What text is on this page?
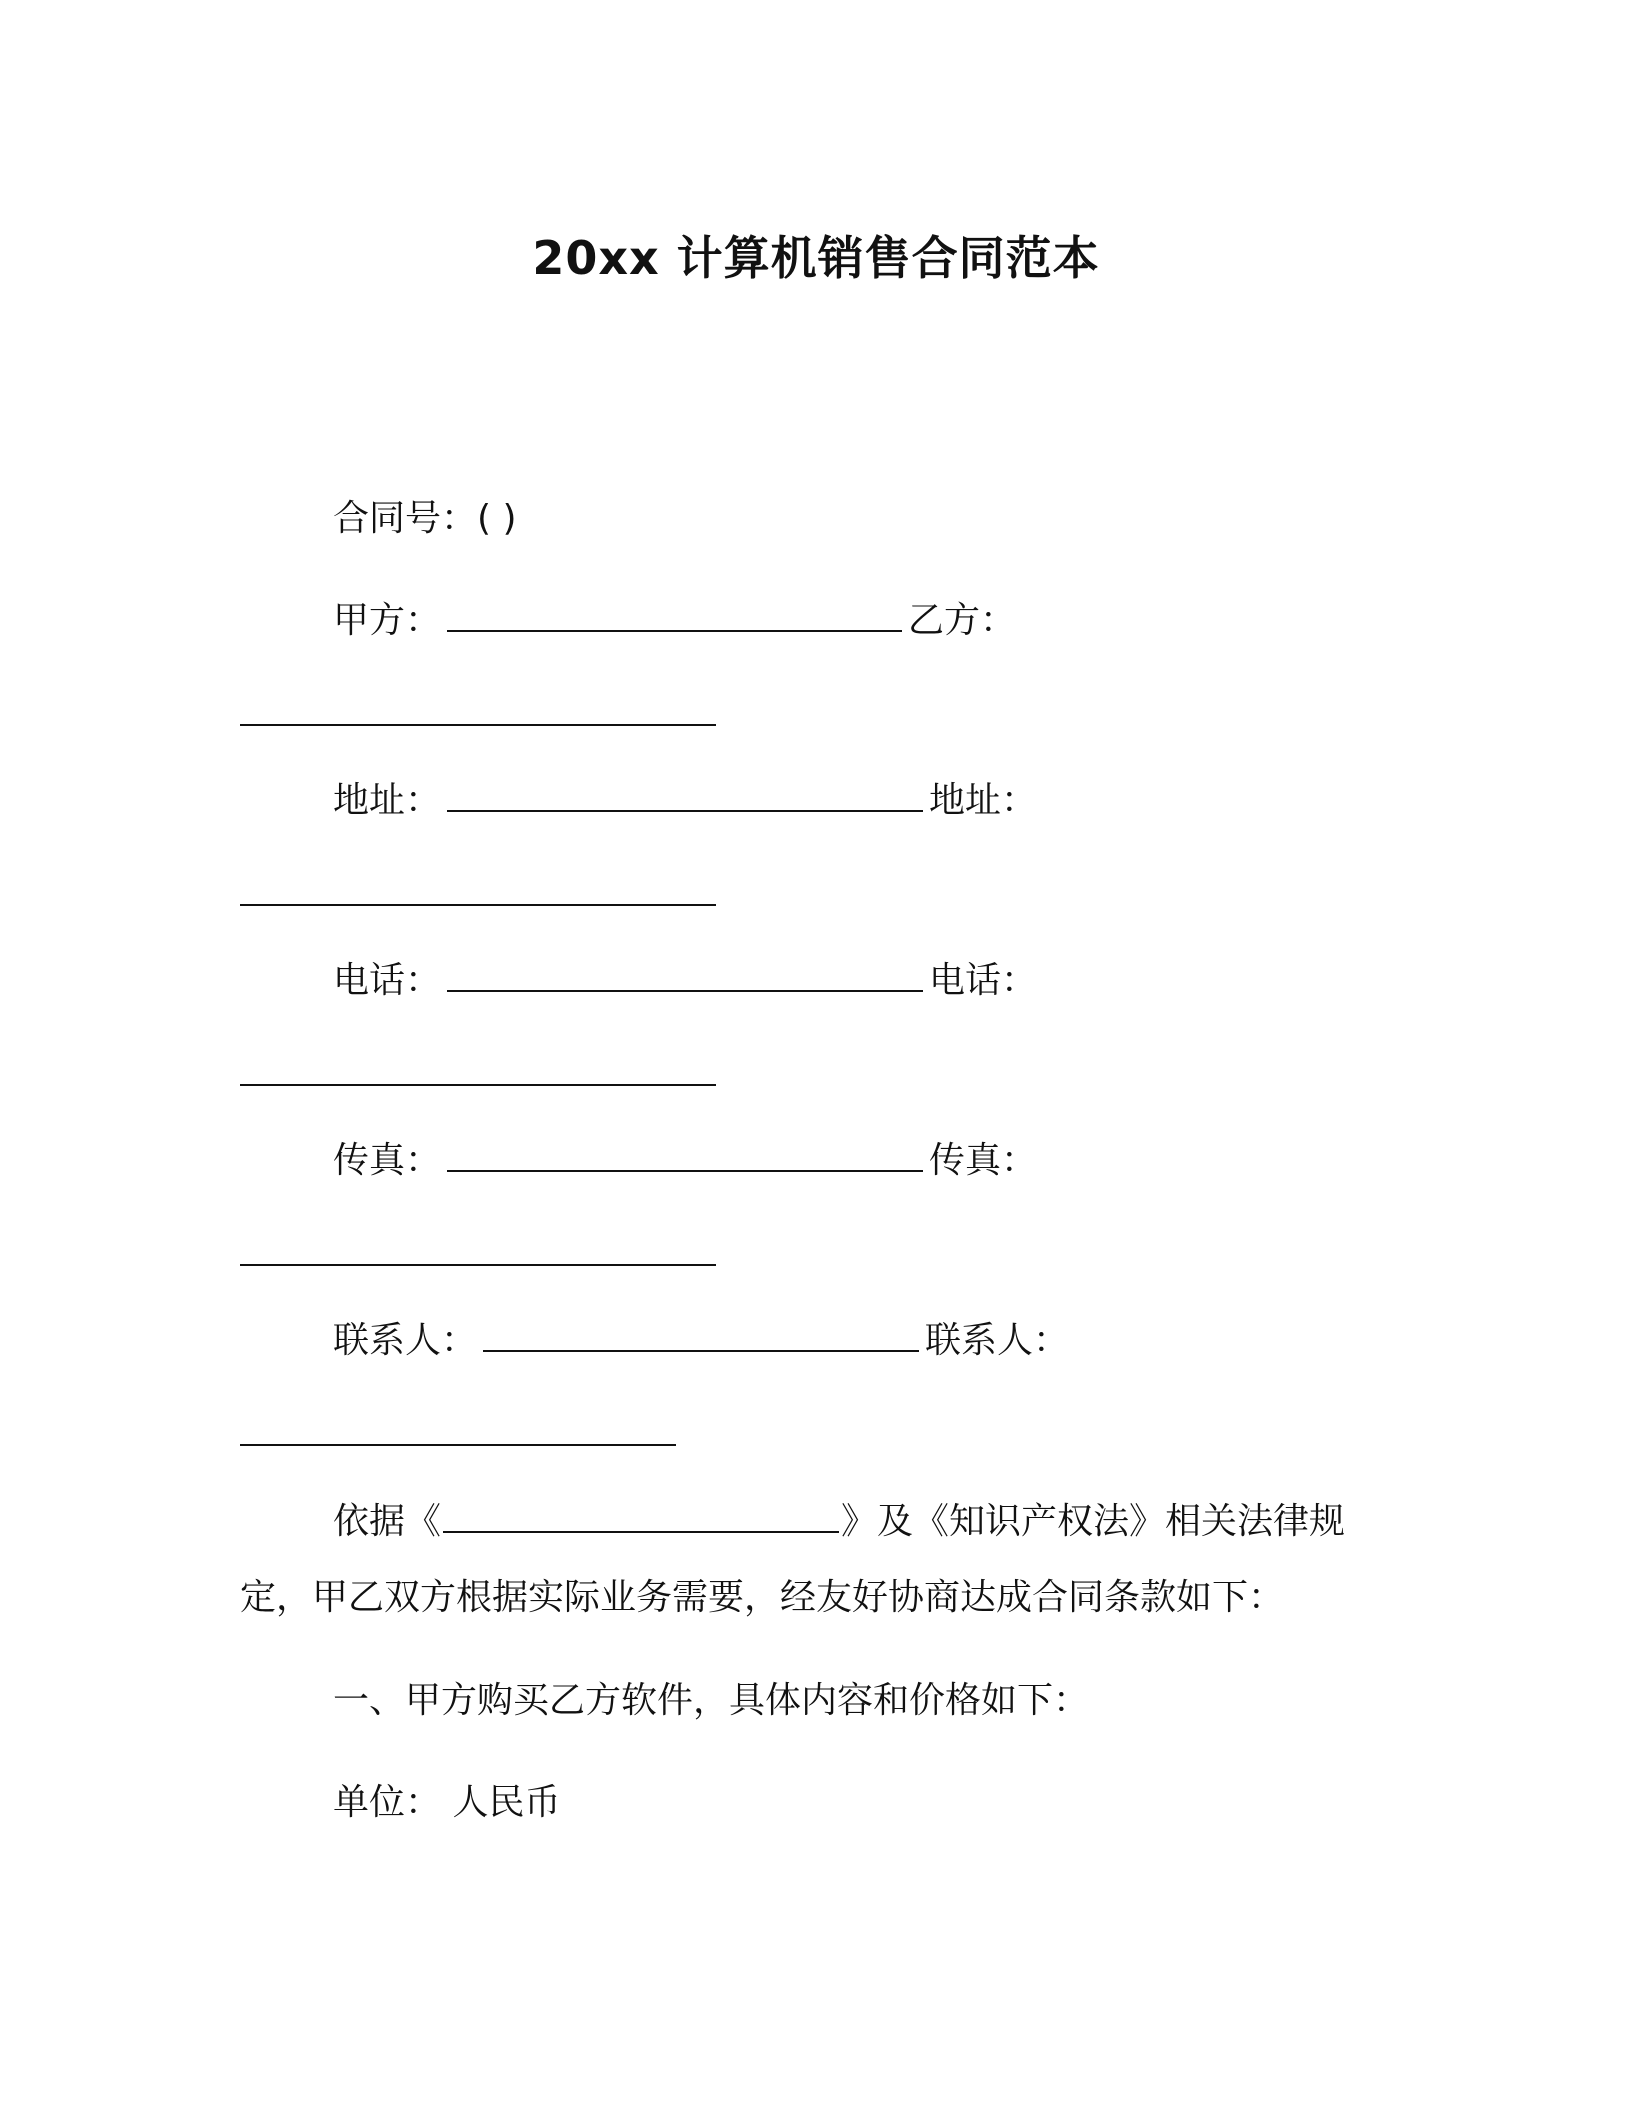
20xx 计算机销售合同范本
合同号：( )
甲方：	乙方：
地址：	地址：
电话：	电话：
传真：	传真：
联系人：	联系人：
依据《	》及《知识产权法》相关法律规定，甲乙双方根据实际业务需要，经友好协商达成合同条款如下：
一、甲方购买乙方软件，具体内容和价格如下：
单位： 人民币
